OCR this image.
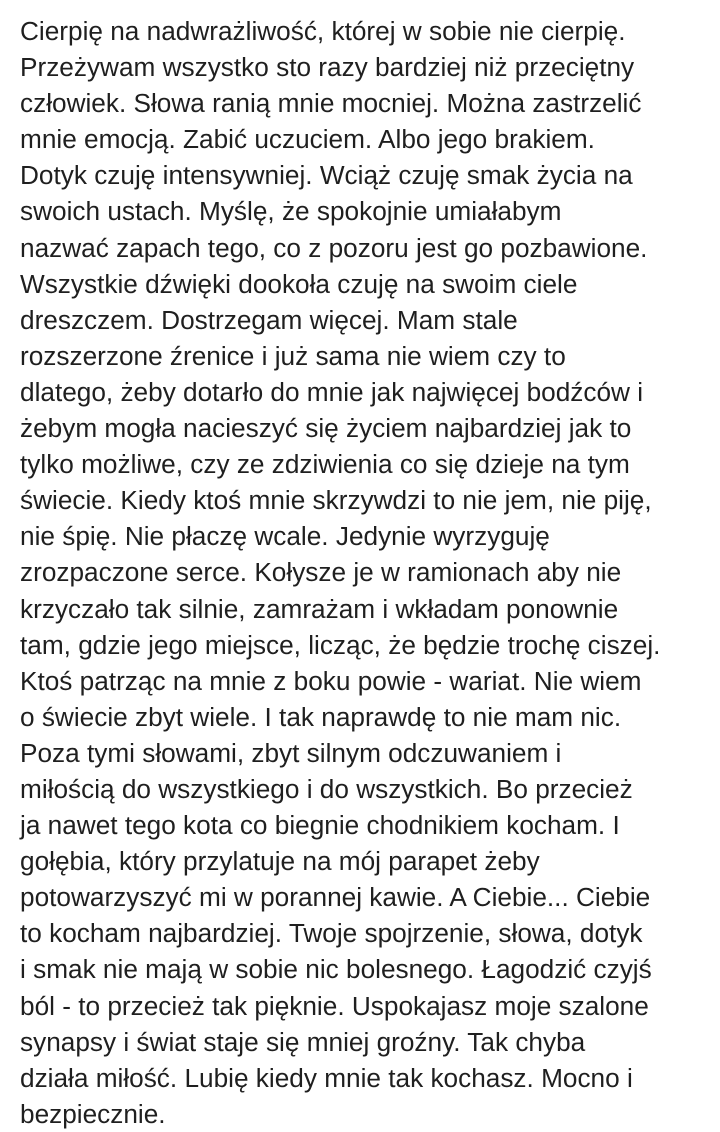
Cierpię na nadwrażliwość, której w sobie nie cierpię.
Przeżywam wszystko sto razy bardziej niż przeciętny
człowiek. Słowa ranią mnie mocniej. Można zastrzelić
mnie emocją. Zabić uczuciem. Albo jego brakiem.
Dotyk czuję intensywniej. Wciąż czuję smak życia na
swoich ustach. Myślę, że spokojnie umiałabym
nazwać zapach tego, co z pozoru jest go pozbawione.
Wszystkie dźwięki dookoła czuję na swoim ciele
dreszczem. Dostrzegam więcej. Mam stale
rozszerzone źrenice i już sama nie wiem czy to
dlatego, żeby dotarło do mnie jak najwięcej bodźców i
żebym mogła nacieszyć się życiem najbardziej jak to
tylko możliwe, czy ze zdziwienia co się dzieje na tym
świecie. Kiedy ktoś mnie skrzywdzi to nie jem, nie piję,
nie śpię. Nie płaczę wcale. Jedynie wyrzyguję
zrozpaczone serce. Kołysze je w ramionach aby nie
krzyczało tak silnie, zamrażam i wkładam ponownie
tam, gdzie jego miejsce, licząc, że będzie trochę ciszej.
Ktoś patrząc na mnie z boku powie - wariat. Nie wiem
o świecie zbyt wiele. I tak naprawdę to nie mam nic.
Poza tymi słowami, zbyt silnym odczuwaniem i
miłością do wszystkiego i do wszystkich. Bo przecież
ja nawet tego kota co biegnie chodnikiem kocham. I
gołębia, który przylatuje na mój parapet żeby
potowarzyszyć mi w porannej kawie. A Ciebie... Ciebie
to kocham najbardziej. Twoje spojrzenie, słowa, dotyk
i smak nie mają w sobie nic bolesnego. Łagodzić czyjś
ból - to przecież tak pięknie. Uspokajasz moje szalone
synapsy i świat staje się mniej groźny. Tak chyba
działa miłość. Lubię kiedy mnie tak kochasz. Mocno i
bezpiecznie.
